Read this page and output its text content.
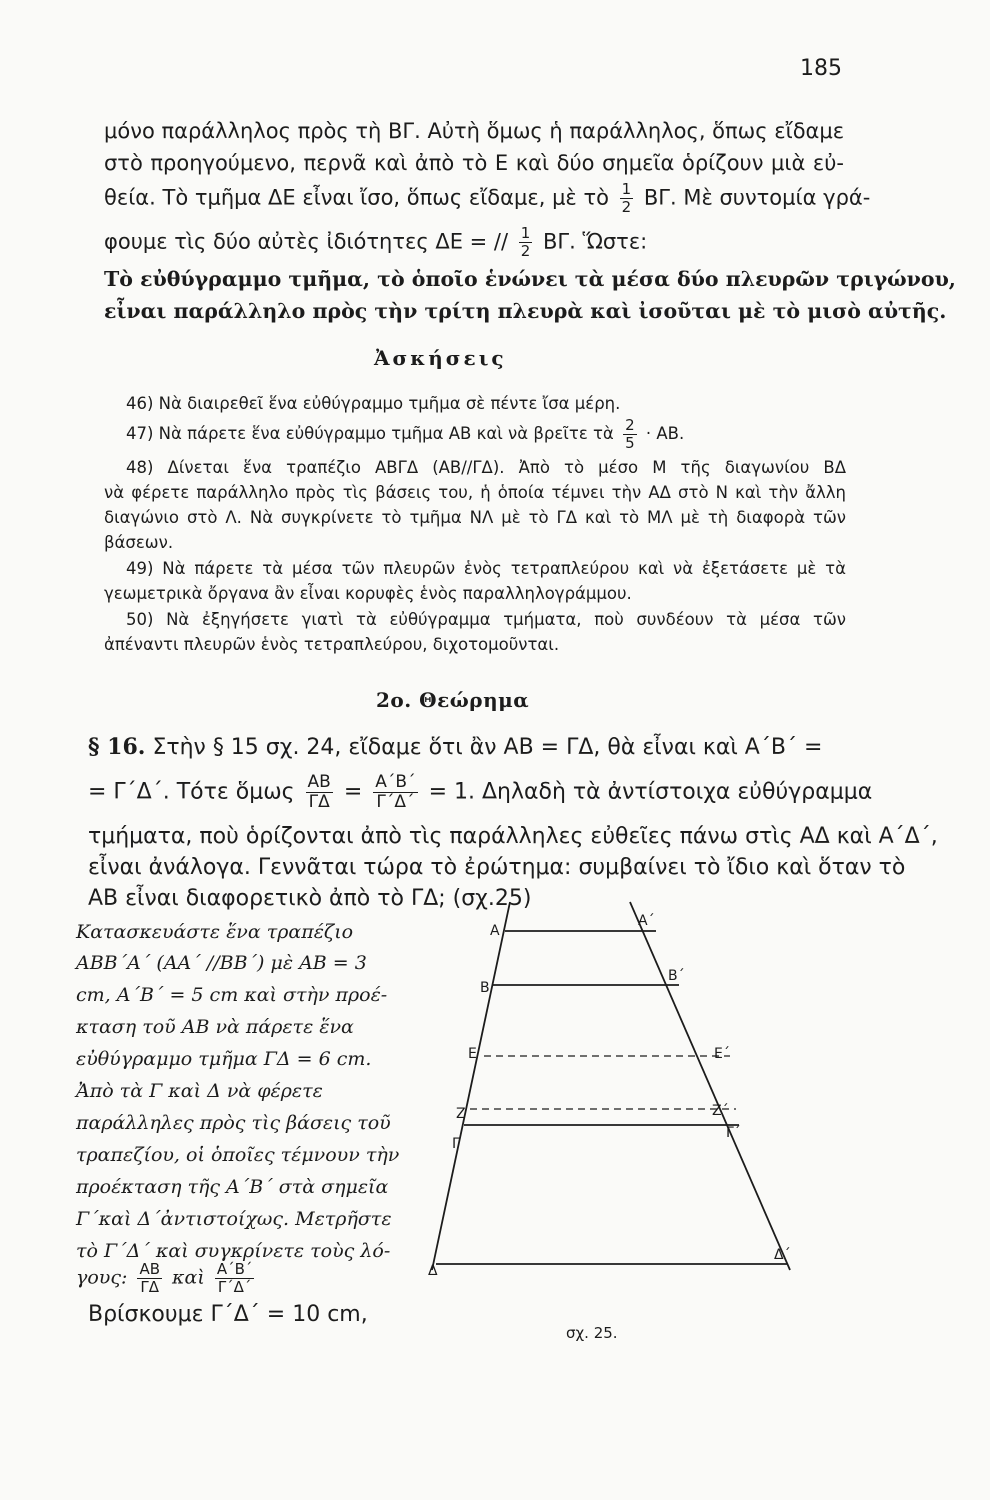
185
μόνο παράλληλος πρὸς τὴ ΒΓ. Αὐτὴ ὅμως ἡ παράλληλος, ὅπως εἴδαμε
στὸ προηγούμενο, περνᾶ καὶ ἀπὸ τὸ Ε καὶ δύο σημεῖα ὁρίζουν μιὰ εὐ-
θεία. Τὸ τμῆμα ΔΕ εἶναι ἴσο, ὅπως εἴδαμε, μὲ τὸ $\frac{1}{2} B\Gamma$. Μὲ συντομία γρά-
φουμε τὶς δύο αὐτὲς ἰδιότητες ΔΕ = // $\frac{1}{2} B\Gamma$. Ὥστε:
Τὸ εὐθύγραμμο τμῆμα, τὸ ὁποῖο ἑνώνει τὰ μέσα δύο πλευρῶν τριγώνου,
εἶναι παράλληλο πρὸς τὴν τρίτη πλευρὰ καὶ ἰσοῦται μὲ τὸ μισὸ αὐτῆς.
Ἀσκήσεις
46) Νὰ διαιρεθεῖ ἕνα εὐθύγραμμο τμῆμα σὲ πέντε ἴσα μέρη.
47) Νὰ πάρετε ἕνα εὐθύγραμμο τμῆμα ΑΒ καὶ νὰ βρεῖτε τὰ $\frac{2}{5} \cdot AB$.
48) Δίνεται ἕνα τραπέζιο ΑΒΓΔ (ΑΒ//ΓΔ). Ἀπὸ τὸ μέσο Μ τῆς διαγωνίου ΒΔ
νὰ φέρετε παράλληλο πρὸς τὶς βάσεις του, ἡ ὁποία τέμνει τὴν ΑΔ στὸ Ν καὶ τὴν ἄλλη
διαγώνιο στὸ Λ. Νὰ συγκρίνετε τὸ τμῆμα ΝΛ μὲ τὸ ΓΔ καὶ τὸ ΜΛ μὲ τὴ διαφορὰ τῶν
βάσεων.
49) Νὰ πάρετε τὰ μέσα τῶν πλευρῶν ἑνὸς τετραπλεύρου καὶ νὰ ἐξετάσετε μὲ τὰ
γεωμετρικὰ ὄργανα ἂν εἶναι κορυφὲς ἑνὸς παραλληλογράμμου.
50) Νὰ ἐξηγήσετε γιατὶ τὰ εὐθύγραμμα τμήματα, ποὺ συνδέουν τὰ μέσα τῶν
ἀπέναντι πλευρῶν ἑνὸς τετραπλεύρου, διχοτομοῦνται.
2ο. Θεώρημα
§ 16. Στὴν § 15 σχ. 24, εἴδαμε ὅτι ἂν ΑΒ = ΓΔ, θὰ εἶναι καὶ Α΄Β΄ =
= Γ΄Δ΄. Τότε ὅμως $\frac{AB}{\Gamma\Delta} = \frac{A΄B΄}{\Gamma΄\Delta΄} = 1$. Δηλαδὴ τὰ ἀντίστοιχα εὐθύγραμμα
τμήματα, ποὺ ὁρίζονται ἀπὸ τὶς παράλληλες εὐθεῖες πάνω στὶς ΑΔ καὶ Α΄Δ΄,
εἶναι ἀνάλογα. Γεννᾶται τώρα τὸ ἐρώτημα: συμβαίνει τὸ ἴδιο καὶ ὅταν τὸ
ΑΒ εἶναι διαφορετικὸ ἀπὸ τὸ ΓΔ; (σχ.25)
Κατασκευάστε ἕνα τραπέζιο
ΑΒΒ΄Α΄ (ΑΑ΄ //ΒΒ΄) μὲ ΑΒ = 3
cm, Α΄Β΄ = 5 cm καὶ στὴν προέ-
κταση τοῦ ΑΒ νὰ πάρετε ἕνα
εὐθύγραμμο τμῆμα ΓΔ = 6 cm.
Ἀπὸ τὰ Γ καὶ Δ νὰ φέρετε
παράλληλες πρὸς τὶς βάσεις τοῦ
τραπεζίου, οἱ ὁποῖες τέμνουν τὴν
προέκταση τῆς Α΄Β΄ στὰ σημεῖα
Γ΄καὶ Δ΄ἀντιστοίχως. Μετρῆστε
τὸ Γ΄Δ΄ καὶ συγκρίνετε τοὺς λό-
γους: $\frac{AB}{\Gamma\Delta}$ καὶ $\frac{A΄B΄}{\Gamma΄\Delta΄}$
Βρίσκουμε Γ΄Δ΄ = 10 cm,
Α
Α΄
Β
Β΄
Ε	Ε΄
Ζ	Ζ΄
Γ
Γ΄
Δ
Δ΄
σχ. 25.
